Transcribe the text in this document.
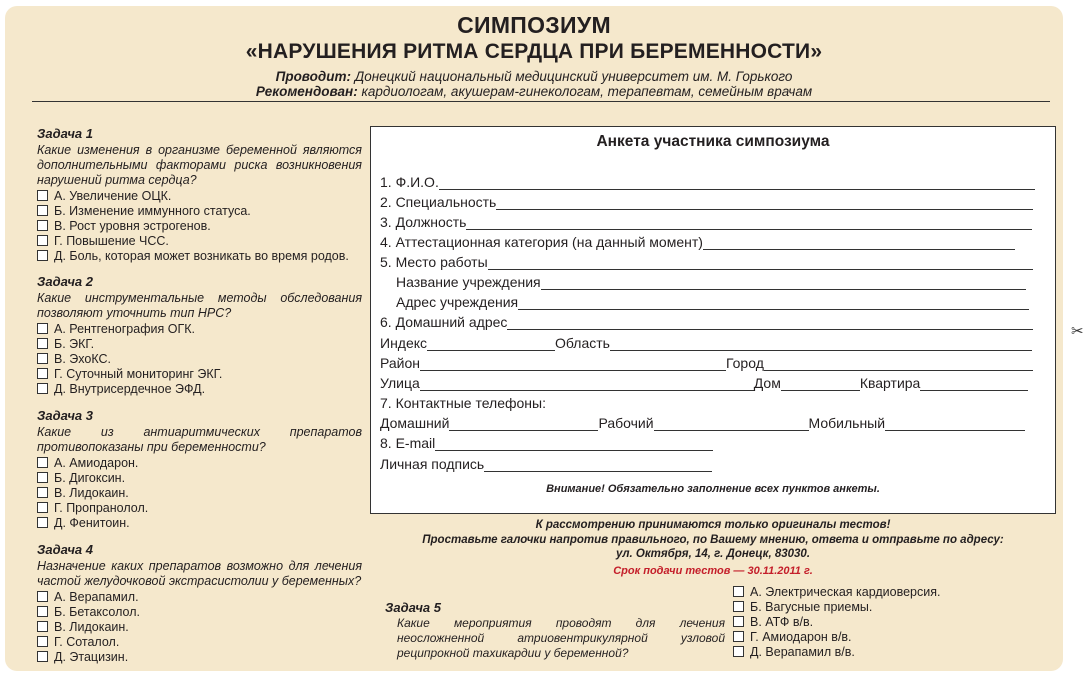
СИМПОЗИУМ
«НАРУШЕНИЯ РИТМА СЕРДЦА ПРИ БЕРЕМЕННОСТИ»
Проводит: Донецкий национальный медицинский университет им. М. Горького
Рекомендован: кардиологам, акушерам-гинекологам, терапевтам, семейным врачам
Задача 1
Какие изменения в организме беременной являются дополнительными факторами риска возникновения нарушений ритма сердца?
А. Увеличение ОЦК.
Б. Изменение иммунного статуса.
В. Рост уровня эстрогенов.
Г. Повышение ЧСС.
Д. Боль, которая может возникать во время родов.
Задача 2
Какие инструментальные методы обследования позволяют уточнить тип НРС?
А. Рентгенография ОГК.
Б. ЭКГ.
В. ЭхоКС.
Г. Суточный мониторинг ЭКГ.
Д. Внутрисердечное ЭФД.
Задача 3
Какие из антиаритмических препаратов противопоказаны при беременности?
А. Амиодарон.
Б. Дигоксин.
В. Лидокаин.
Г. Пропранолол.
Д. Фенитоин.
Задача 4
Назначение каких препаратов возможно для лечения частой желудочковой экстрасистолии у беременных?
А. Верапамил.
Б. Бетаксолол.
В. Лидокаин.
Г. Соталол.
Д. Этацизин.
Анкета участника симпозиума
1. Ф.И.О.
2. Специальность
3. Должность
4. Аттестационная категория (на данный момент)
5. Место работы
Название учреждения
Адрес учреждения
6. Домашний адрес
Индекс	Область
Район	Город
Улица	Дом	Квартира
7. Контактные телефоны:
Домашний	Рабочий	Мобильный
8. E-mail
Личная подпись
Внимание! Обязательно заполнение всех пунктов анкеты.
К рассмотрению принимаются только оригиналы тестов!
Проставьте галочки напротив правильного, по Вашему мнению, ответа и отправьте по адресу:
ул. Октября, 14, г. Донецк, 83030.
Срок подачи тестов — 30.11.2011 г.
Задача 5
Какие мероприятия проводят для лечения неосложненной атриовентрикулярной узловой реципрокной тахикардии у беременной?
А. Электрическая кардиоверсия.
Б. Вагусные приемы.
В. АТФ в/в.
Г. Амиодарон в/в.
Д. Верапамил в/в.
✂
